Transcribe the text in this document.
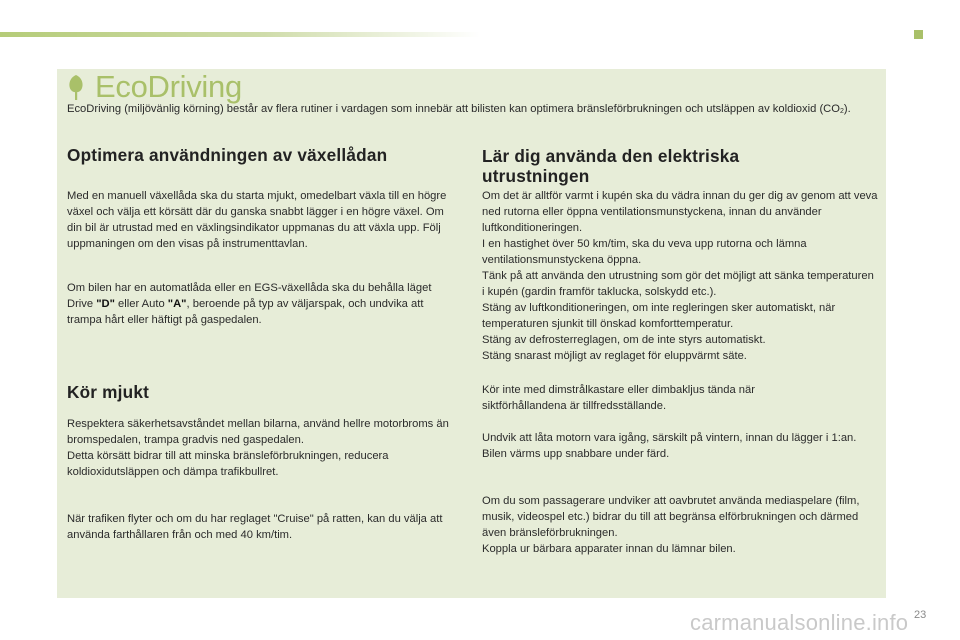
EcoDriving
EcoDriving (miljövänlig körning) består av flera rutiner i vardagen som innebär att bilisten kan optimera bränsleförbrukningen och utsläppen av koldioxid $(CO_2)$.
Optimera användningen av växellådan

Med en manuell växellåda ska du starta mjukt, omedelbart växla till en högre växel och välja ett körsätt där du ganska snabbt lägger i en högre växel. Om din bil är utrustad med en växlingsindikator uppmanas du att växla upp. Följ uppmaningen om den visas på instrumenttavlan.

Om bilen har en automatlåda eller en EGS-växellåda ska du behålla läget Drive "D" eller Auto "A", beroende på typ av väljarspak, och undvika att trampa hårt eller häftigt på gaspedalen.

Kör mjukt

Respektera säkerhetsavståndet mellan bilarna, använd hellre motorbroms än bromspedalen, trampa gradvis ned gaspedalen.

Detta körsätt bidrar till att minska bränsleförbrukningen, reducera koldioxidutsläppen och dämpa trafikbullret.

När trafiken flyter och om du har reglaget "Cruise" på ratten, kan du välja att använda farthållaren från och med 40 km/tim.

Lär dig använda den elektriska utrustningen

Om det är alltför varmt i kupén ska du vädra innan du ger dig av genom att veva ned rutorna eller öppna ventilationsmunstyckena, innan du använder luftkonditioneringen.

I en hastighet över 50 km/tim, ska du veva upp rutorna och lämna ventilationsmunstyckena öppna.

Tänk på att använda den utrustning som gör det möjligt att sänka temperaturen i kupén (gardin framför taklucka, solskydd etc.).

Stäng av luftkonditioneringen, om inte regleringen sker automatiskt, när temperaturen sjunkit till önskad komforttemperatur.

Stäng av defrosterreglagen, om de inte styrs automatiskt.

Stäng snarast möjligt av reglaget för eluppvärmt säte.

Kör inte med dimstrålkastare eller dimbakljus tända när siktförhållandena är tillfredsställande.

Undvik att låta motorn vara igång, särskilt på vintern, innan du lägger i 1:an. Bilen värms upp snabbare under färd.

Om du som passagerare undviker att oavbrutet använda mediaspelare (film, musik, videospel etc.) bidrar du till att begränsa elförbrukningen och därmed även bränsleförbrukningen.

Koppla ur bärbara apparater innan du lämnar bilen.

carmanualsonline.info 23
